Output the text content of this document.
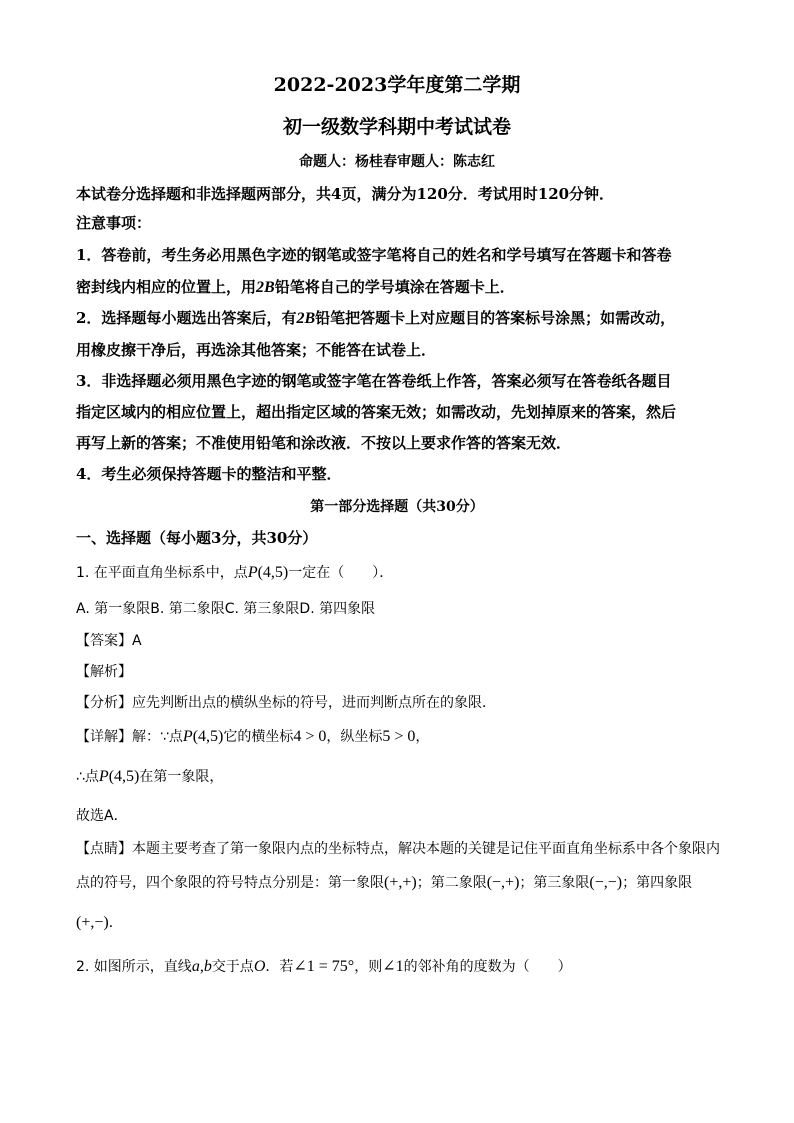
2022-2023学年度第二学期
初一级数学科期中考试试卷
命题人：杨桂春审题人：陈志红
本试卷分选择题和非选择题两部分，共4页，满分为120分．考试用时120分钟．
注意事项：
1．答卷前，考生务必用黑色字迹的钢笔或签字笔将自己的姓名和学号填写在答题卡和答卷
密封线内相应的位置上，用2B铅笔将自己的学号填涂在答题卡上．
2．选择题每小题选出答案后，有2B铅笔把答题卡上对应题目的答案标号涂黑；如需改动，
用橡皮擦干净后，再选涂其他答案；不能答在试卷上．
3．非选择题必须用黑色字迹的钢笔或签字笔在答卷纸上作答，答案必须写在答卷纸各题目
指定区域内的相应位置上，超出指定区域的答案无效；如需改动，先划掉原来的答案，然后
再写上新的答案；不准使用铅笔和涂改液．不按以上要求作答的答案无效．
4．考生必须保持答题卡的整洁和平整．
第一部分选择题（共30分）
一、选择题（每小题3分，共30分）
1. 在平面直角坐标系中，点P(4,5)一定在（　　）．
A. 第一象限B. 第二象限C. 第三象限D. 第四象限
【答案】A
【解析】
【分析】应先判断出点的横纵坐标的符号，进而判断点所在的象限．
【详解】解：∵点P(4,5)它的横坐标4 > 0，纵坐标5 > 0，
∴点P(4,5)在第一象限，
故选A．
【点睛】本题主要考查了第一象限内点的坐标特点，解决本题的关键是记住平面直角坐标系中各个象限内
点的符号，四个象限的符号特点分别是：第一象限(+,+)；第二象限(−,+)；第三象限(−,−)；第四象限
(+,−)．
2. 如图所示，直线a,b交于点O．若∠1 = 75°，则∠1的邻补角的度数为（　　）
